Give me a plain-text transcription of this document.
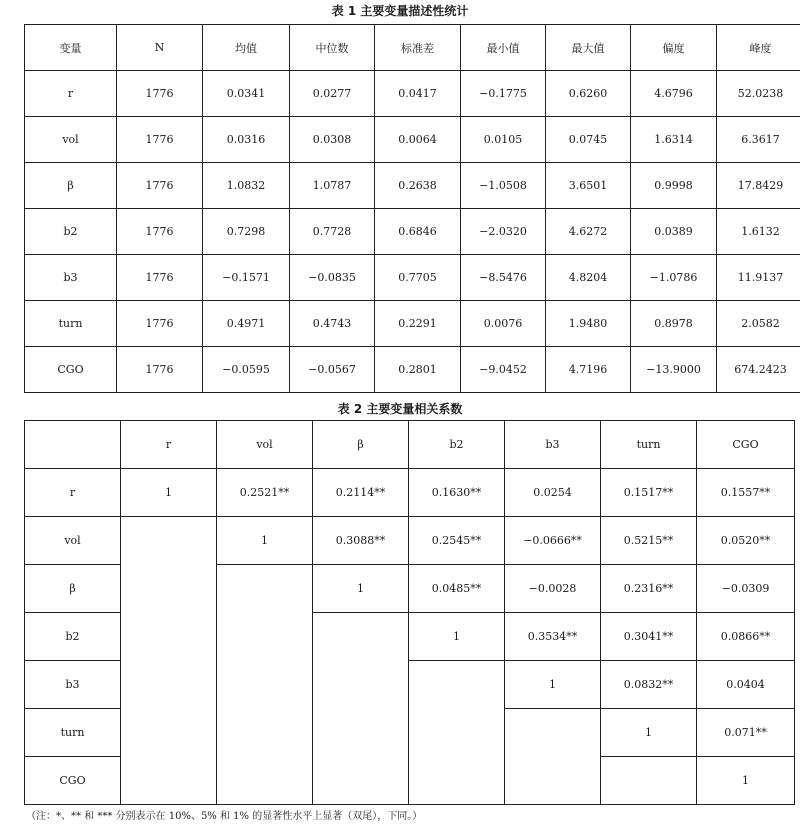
表 1 主要变量描述性统计
变量	N	均值	中位数	标准差	最小值	最大值	偏度	峰度
r	1776	0.0341	0.0277	0.0417	−0.1775	0.6260	4.6796	52.0238
vol	1776	0.0316	0.0308	0.0064	0.0105	0.0745	1.6314	6.3617
β	1776	1.0832	1.0787	0.2638	−1.0508	3.6501	0.9998	17.8429
b2	1776	0.7298	0.7728	0.6846	−2.0320	4.6272	0.0389	1.6132
b3	1776	−0.1571	−0.0835	0.7705	−8.5476	4.8204	−1.0786	11.9137
turn	1776	0.4971	0.4743	0.2291	0.0076	1.9480	0.8978	2.0582
CGO	1776	−0.0595	−0.0567	0.2801	−9.0452	4.7196	−13.9000	674.2423
表 2 主要变量相关系数
	r	vol	β	b2	b3	turn	CGO
r	1	0.2521**	0.2114**	0.1630**	0.0254	0.1517**	0.1557**
vol		1	0.3088**	0.2545**	−0.0666**	0.5215**	0.0520**
β			1	0.0485**	−0.0028	0.2316**	−0.0309
b2				1	0.3534**	0.3041**	0.0866**
b3					1	0.0832**	0.0404
turn						1	0.071**
CGO							1
（注：*、** 和 *** 分别表示在 10%、5% 和 1% 的显著性水平上显著（双尾），下同。）
